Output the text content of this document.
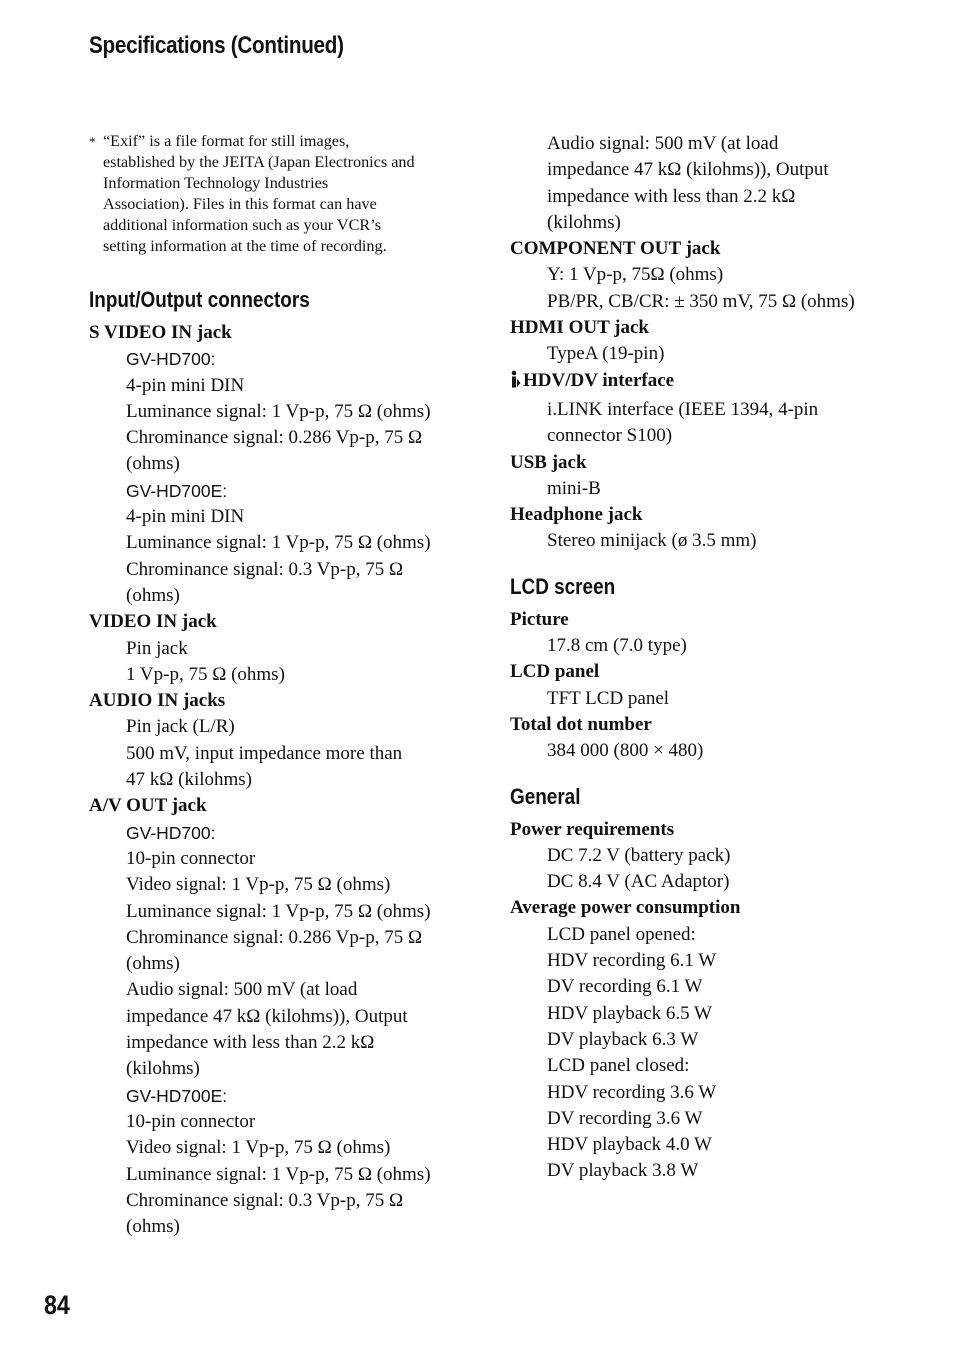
Specifications (Continued)
* “Exif” is a file format for still images,
established by the JEITA (Japan Electronics and
Information Technology Industries
Association). Files in this format can have
additional information such as your VCR’s
setting information at the time of recording.
Input/Output connectors
S VIDEO IN jack
GV-HD700:
4-pin mini DIN
Luminance signal: 1 Vp-p, 75 Ω (ohms)
Chrominance signal: 0.286 Vp-p, 75 Ω
(ohms)
GV-HD700E:
4-pin mini DIN
Luminance signal: 1 Vp-p, 75 Ω (ohms)
Chrominance signal: 0.3 Vp-p, 75 Ω
(ohms)
VIDEO IN jack
Pin jack
1 Vp-p, 75 Ω (ohms)
AUDIO IN jacks
Pin jack (L/R)
500 mV, input impedance more than
47 kΩ (kilohms)
A/V OUT jack
GV-HD700:
10-pin connector
Video signal: 1 Vp-p, 75 Ω (ohms)
Luminance signal: 1 Vp-p, 75 Ω (ohms)
Chrominance signal: 0.286 Vp-p, 75 Ω
(ohms)
Audio signal: 500 mV (at load
impedance 47 kΩ (kilohms)), Output
impedance with less than 2.2 kΩ
(kilohms)
GV-HD700E:
10-pin connector
Video signal: 1 Vp-p, 75 Ω (ohms)
Luminance signal: 1 Vp-p, 75 Ω (ohms)
Chrominance signal: 0.3 Vp-p, 75 Ω
(ohms)
Audio signal: 500 mV (at load
impedance 47 kΩ (kilohms)), Output
impedance with less than 2.2 kΩ
(kilohms)
COMPONENT OUT jack
Y: 1 Vp-p, 75Ω (ohms)
PB/PR, CB/CR: ± 350 mV, 75 Ω (ohms)
HDMI OUT jack
TypeA (19-pin)
HDV/DV interface
i.LINK interface (IEEE 1394, 4-pin
connector S100)
USB jack
mini-B
Headphone jack
Stereo minijack (ø 3.5 mm)
LCD screen
Picture
17.8 cm (7.0 type)
LCD panel
TFT LCD panel
Total dot number
384 000 (800 × 480)
General
Power requirements
DC 7.2 V (battery pack)
DC 8.4 V (AC Adaptor)
Average power consumption
LCD panel opened:
HDV recording 6.1 W
DV recording 6.1 W
HDV playback 6.5 W
DV playback 6.3 W
LCD panel closed:
HDV recording 3.6 W
DV recording 3.6 W
HDV playback 4.0 W
DV playback 3.8 W
84
